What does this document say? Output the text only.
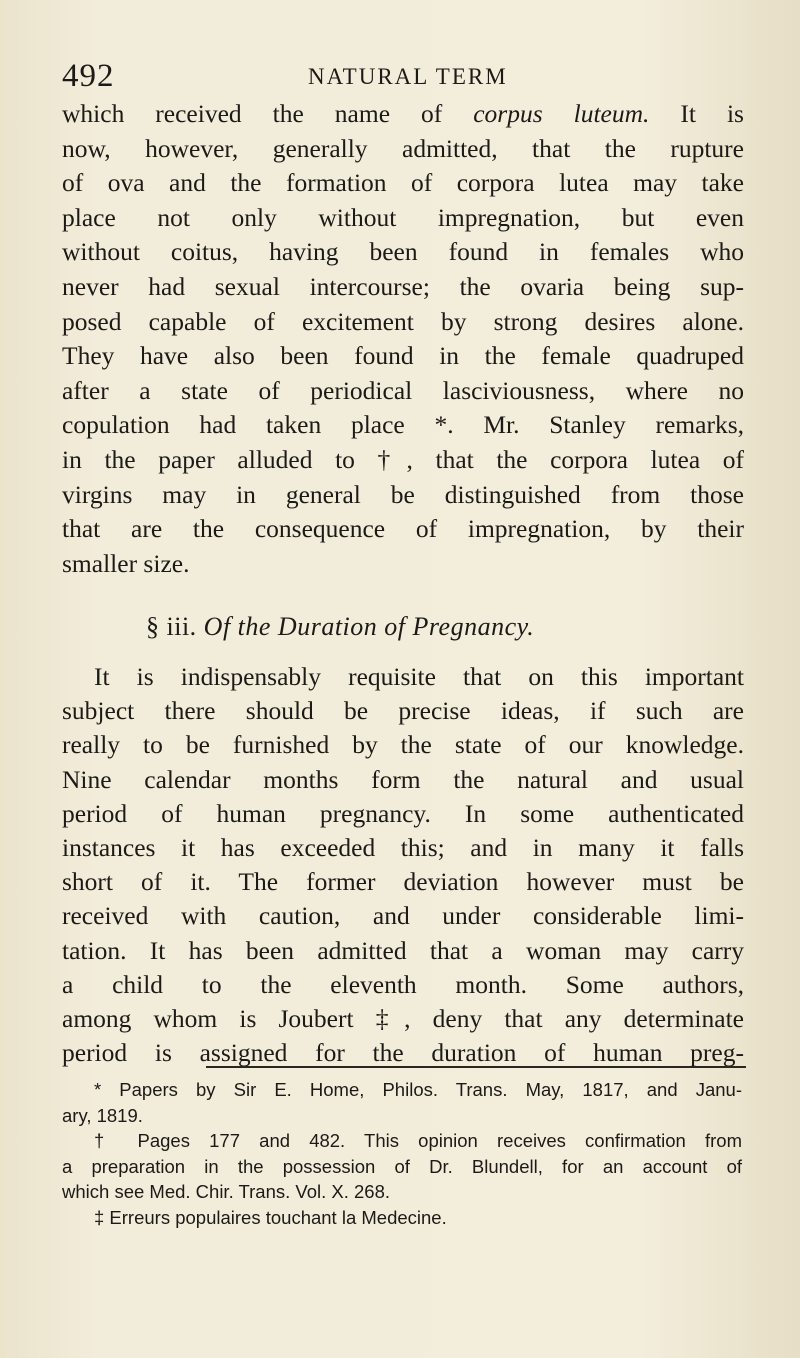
492	NATURAL TERM
which received the name of corpus luteum. It is
now, however, generally admitted, that the rupture
of ova and the formation of corpora lutea may take
place not only without impregnation, but even
without coitus, having been found in females who
never had sexual intercourse; the ovaria being sup-
posed capable of excitement by strong desires alone.
They have also been found in the female quadruped
after a state of periodical lasciviousness, where no
copulation had taken place *. Mr. Stanley remarks,
in the paper alluded to †, that the corpora lutea of
virgins may in general be distinguished from those
that are the consequence of impregnation, by their
smaller size.
§ iii. Of the Duration of Pregnancy.
It is indispensably requisite that on this important
subject there should be precise ideas, if such are
really to be furnished by the state of our knowledge.
Nine calendar months form the natural and usual
period of human pregnancy. In some authenticated
instances it has exceeded this; and in many it falls
short of it. The former deviation however must be
received with caution, and under considerable limi-
tation. It has been admitted that a woman may carry
a child to the eleventh month. Some authors,
among whom is Joubert ‡, deny that any determinate
period is assigned for the duration of human preg-
* Papers by Sir E. Home, Philos. Trans. May, 1817, and Janu-
ary, 1819.
† Pages 177 and 482. This opinion receives confirmation from
a preparation in the possession of Dr. Blundell, for an account of
which see Med. Chir. Trans. Vol. X. 268.
‡ Erreurs populaires touchant la Medecine.
